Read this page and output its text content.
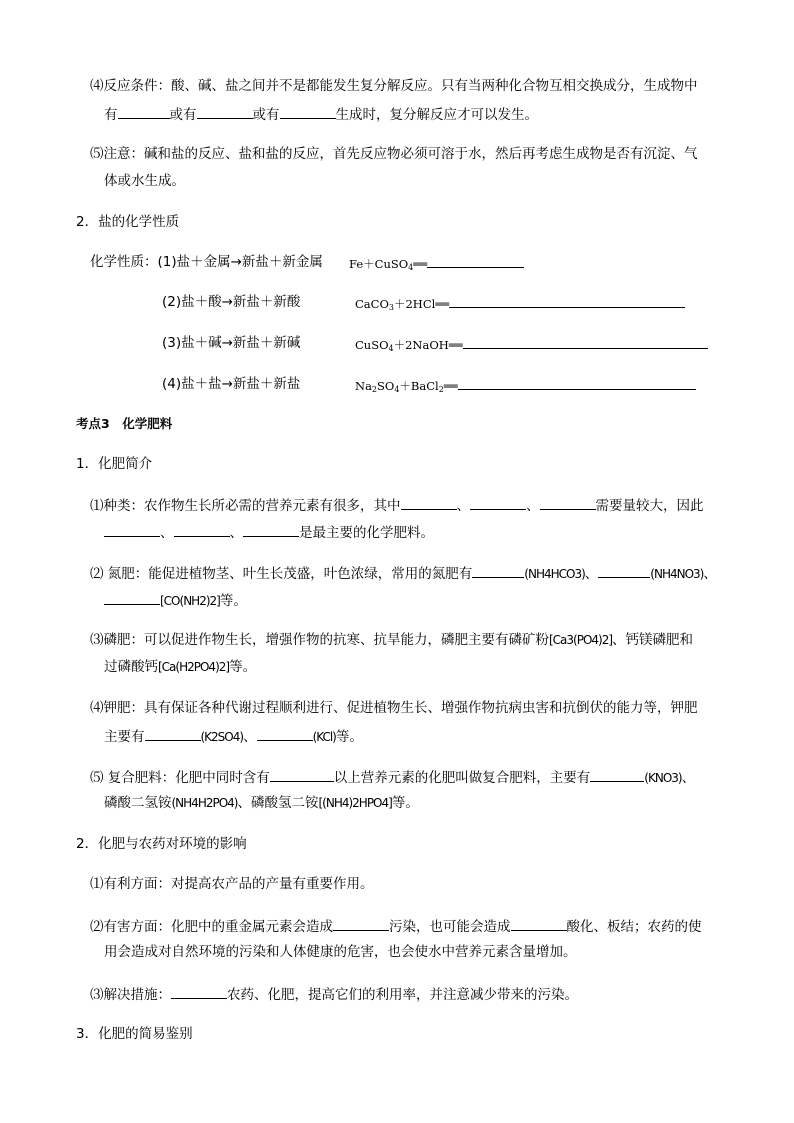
⑷反应条件：酸、碱、盐之间并不是都能发生复分解反应。只有当两种化合物互相交换成分，生成物中
有	或有	或有	生成时，复分解反应才可以发生。
⑸注意：碱和盐的反应、盐和盐的反应，首先反应物必须可溶于水，然后再考虑生成物是否有沉淀、气
体或水生成。
2．盐的化学性质
化学性质：(1)盐＋金属→新盐＋新金属 Fe＋CuSO$_4$══
(2)盐＋酸→新盐＋新酸	CaCO$_3$＋2HCl══
(3)盐＋碱→新盐＋新碱	CuSO$_4$＋2NaOH══
(4)盐＋盐→新盐＋新盐	$Na_2SO_4+BaCl_2══$
考点3　化学肥料
1．化肥简介
⑴种类：农作物生长所必需的营养元素有很多，其中	、	、	需要量较大，因此
、	、	是最主要的化学肥料。
⑵ 氮肥：能促进植物茎、叶生长茂盛，叶色浓绿，常用的氮肥有	(NH4HCO3)、	(NH4NO3)、
[CO(NH2)2]等。
⑶磷肥：可以促进作物生长，增强作物的抗寒、抗旱能力，磷肥主要有磷矿粉[Ca3(PO4)2]、钙镁磷肥和
过磷酸钙[Ca(H2PO4)2]等。
⑷钾肥：具有保证各种代谢过程顺利进行、促进植物生长、增强作物抗病虫害和抗倒伏的能力等，钾肥
主要有	(K2SO4)、	(KCl)等。
⑸ 复合肥料：化肥中同时含有	以上营养元素的化肥叫做复合肥料，主要有	(KNO3)、
磷酸二氢铵(NH4H2PO4)、磷酸氢二铵[(NH4)2HPO4]等。
2．化肥与农药对环境的影响
⑴有利方面：对提高农产品的产量有重要作用。
⑵有害方面：化肥中的重金属元素会造成	污染，也可能会造成	酸化、板结；农药的使
用会造成对自然环境的污染和人体健康的危害，也会使水中营养元素含量增加。
⑶解决措施：	农药、化肥，提高它们的利用率，并注意减少带来的污染。
3．化肥的简易鉴别
